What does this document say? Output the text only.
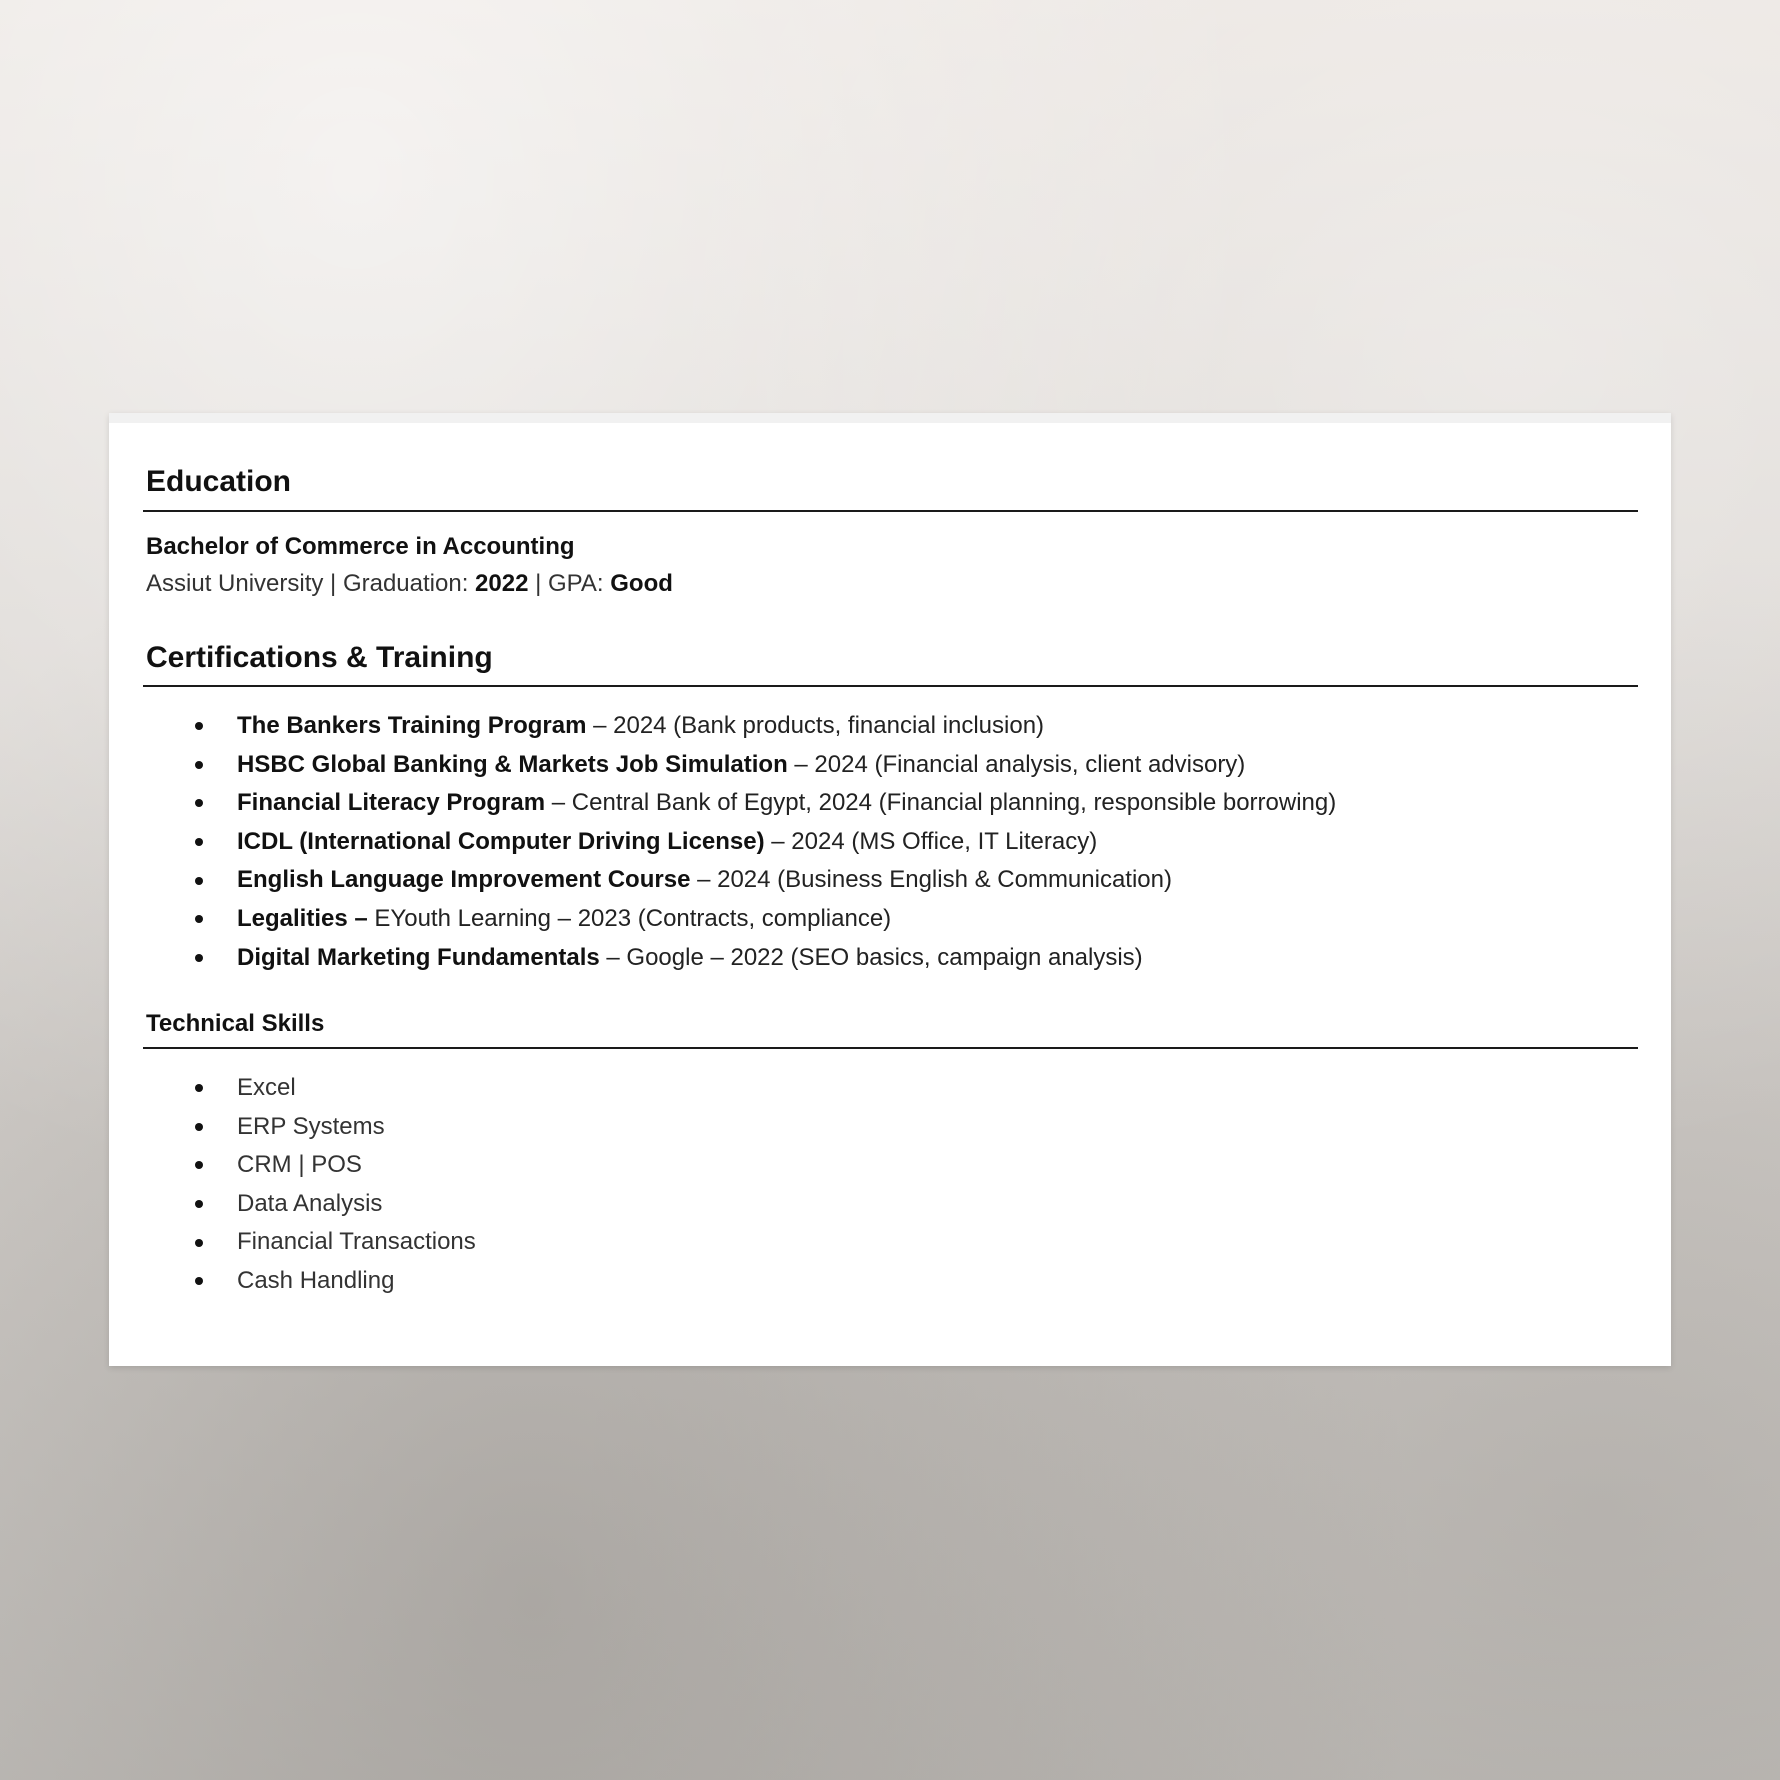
Education
Bachelor of Commerce in Accounting
Assiut University | Graduation: 2022 | GPA: Good
Certifications & Training
The Bankers Training Program – 2024 (Bank products, financial inclusion)
HSBC Global Banking & Markets Job Simulation – 2024 (Financial analysis, client advisory)
Financial Literacy Program – Central Bank of Egypt, 2024 (Financial planning, responsible borrowing)
ICDL (International Computer Driving License) – 2024 (MS Office, IT Literacy)
English Language Improvement Course – 2024 (Business English & Communication)
Legalities – EYouth Learning – 2023 (Contracts, compliance)
Digital Marketing Fundamentals – Google – 2022 (SEO basics, campaign analysis)
Technical Skills
Excel
ERP Systems
CRM | POS
Data Analysis
Financial Transactions
Cash Handling
